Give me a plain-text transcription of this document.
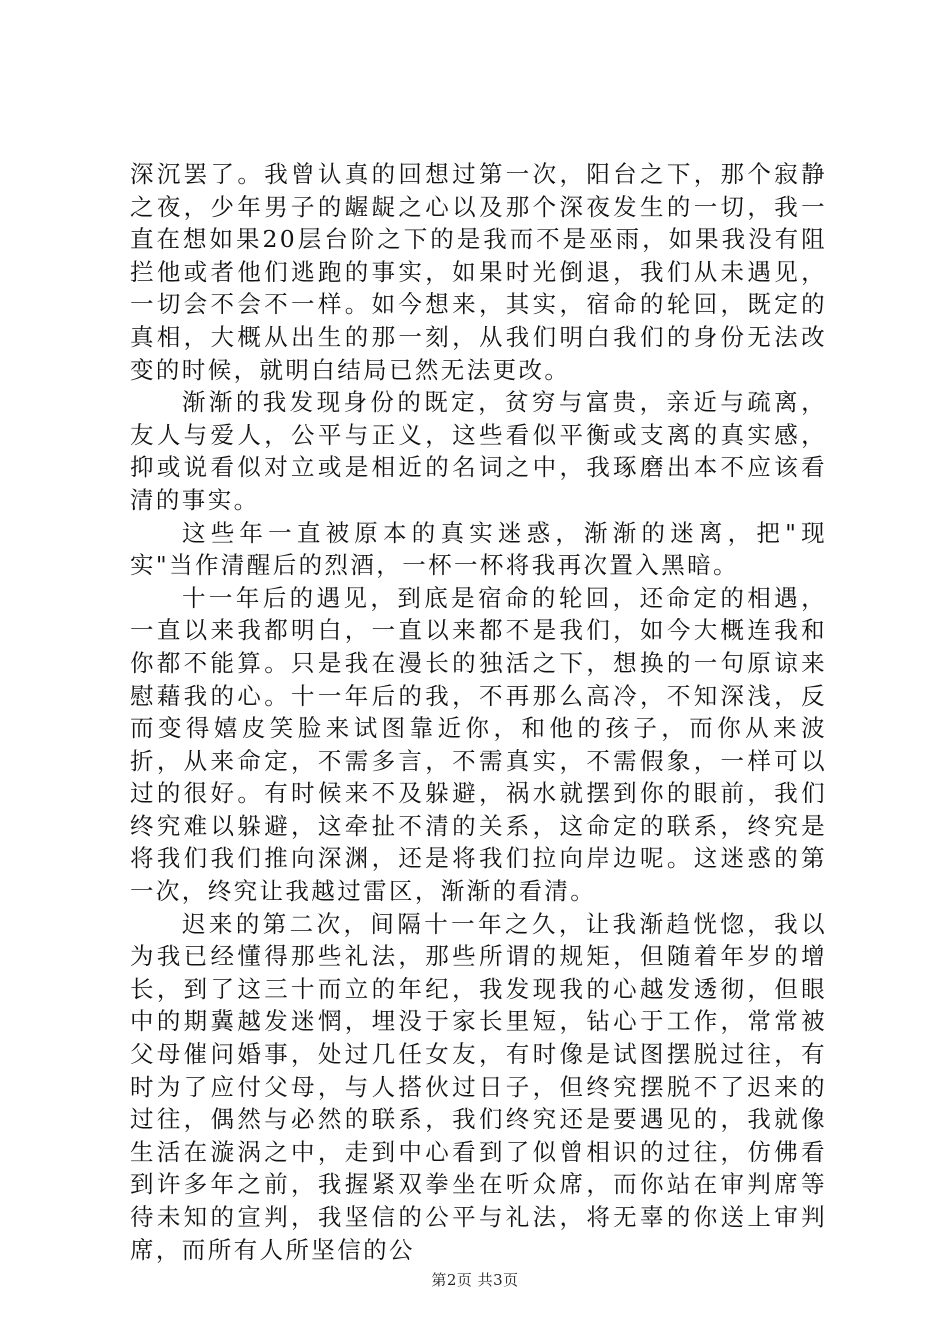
深沉罢了。我曾认真的回想过第一次，阳台之下，那个寂静之夜，少年男子的龌龊之心以及那个深夜发生的一切，我一直在想如果20层台阶之下的是我而不是巫雨，如果我没有阻拦他或者他们逃跑的事实，如果时光倒退，我们从未遇见，一切会不会不一样。如今想来，其实，宿命的轮回，既定的真相，大概从出生的那一刻，从我们明白我们的身份无法改变的时候，就明白结局已然无法更改。

渐渐的我发现身份的既定，贫穷与富贵，亲近与疏离，友人与爱人，公平与正义，这些看似平衡或支离的真实感，抑或说看似对立或是相近的名词之中，我琢磨出本不应该看清的事实。

这些年一直被原本的真实迷惑，渐渐的迷离，把"现实"当作清醒后的烈酒，一杯一杯将我再次置入黑暗。

十一年后的遇见，到底是宿命的轮回，还命定的相遇，一直以来我都明白，一直以来都不是我们，如今大概连我和你都不能算。只是我在漫长的独活之下，想换的一句原谅来慰藉我的心。十一年后的我，不再那么高冷，不知深浅，反而变得嬉皮笑脸来试图靠近你，和他的孩子，而你从来波折，从来命定，不需多言，不需真实，不需假象，一样可以过的很好。有时候来不及躲避，祸水就摆到你的眼前，我们终究难以躲避，这牵扯不清的关系，这命定的联系，终究是将我们我们推向深渊，还是将我们拉向岸边呢。这迷惑的第一次，终究让我越过雷区，渐渐的看清。

迟来的第二次，间隔十一年之久，让我渐趋恍惚，我以为我已经懂得那些礼法，那些所谓的规矩，但随着年岁的增长，到了这三十而立的年纪，我发现我的心越发透彻，但眼中的期冀越发迷惘，埋没于家长里短，钻心于工作，常常被父母催问婚事，处过几任女友，有时像是试图摆脱过往，有时为了应付父母，与人搭伙过日子，但终究摆脱不了迟来的过往，偶然与必然的联系，我们终究还是要遇见的，我就像生活在漩涡之中，走到中心看到了似曾相识的过往，仿佛看到许多年之前，我握紧双拳坐在听众席，而你站在审判席等待未知的宣判，我坚信的公平与礼法，将无辜的你送上审判席，而所有人所坚信的公

第2页 共3页
